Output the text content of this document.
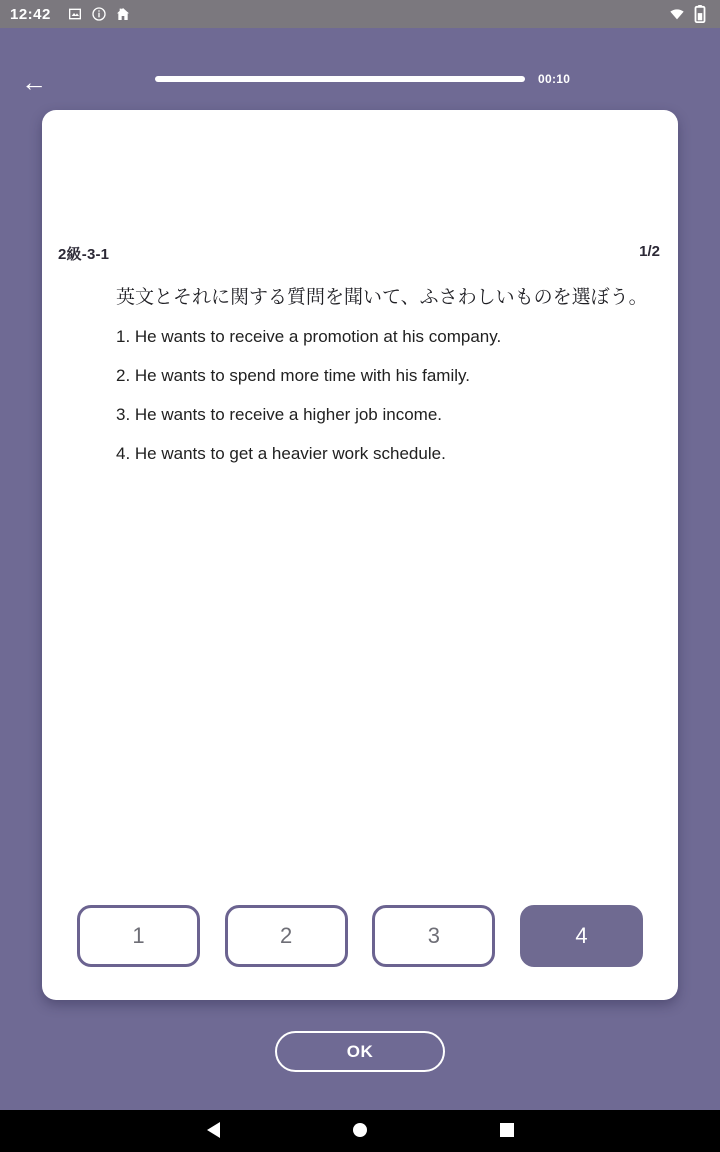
12:42
←	00:10
2級-3-1	1/2
英文とそれに関する質問を聞いて、ふさわしいものを選ぼう。
1. He wants to receive a promotion at his company.
2. He wants to spend more time with his family.
3. He wants to receive a higher job income.
4. He wants to get a heavier work schedule.
1	2	3	4
OK
